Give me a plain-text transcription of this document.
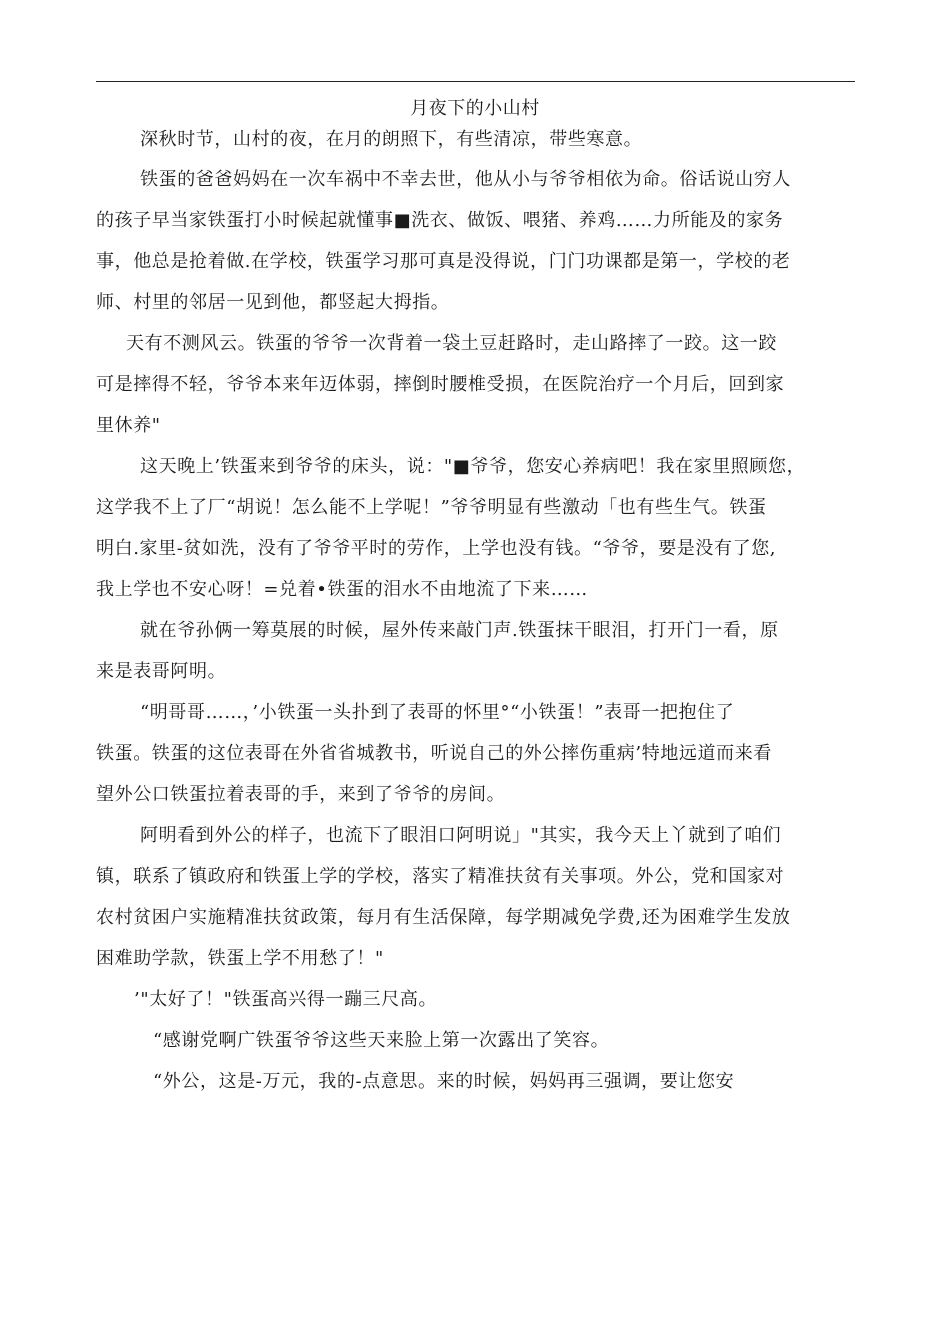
月夜下的小山村
深秋时节，山村的夜，在月的朗照下，有些清凉，带些寒意。
铁蛋的爸爸妈妈在一次车祸中不幸去世，他从小与爷爷相依为命。俗话说山穷人
的孩子早当家铁蛋打小时候起就懂事■洗衣、做饭、喂猪、养鸡……力所能及的家务
事，他总是抢着做.在学校，铁蛋学习那可真是没得说，门门功课都是第一，学校的老
师、村里的邻居一见到他，都竖起大拇指。
天有不测风云。铁蛋的爷爷一次背着一袋土豆赶路时，走山路摔了一跤。这一跤
可是摔得不轻，爷爷本来年迈体弱，摔倒时腰椎受损，在医院治疗一个月后，回到家
里休养"
这天晚上’铁蛋来到爷爷的床头，说："■爷爷，您安心养病吧！我在家里照顾您，
这学我不上了厂“胡说！怎么能不上学呢！”爷爷明显有些激动「也有些生气。铁蛋
明白.家里-贫如洗，没有了爷爷平时的劳作，上学也没有钱。“爷爷，要是没有了您,
我上学也不安心呀！=兑着•铁蛋的泪水不由地流了下来……
就在爷孙俩一筹莫展的时候，屋外传来敲门声.铁蛋抹干眼泪，打开门一看，原
来是表哥阿明。
“明哥哥……，’小铁蛋一头扑到了表哥的怀里°“小铁蛋！”表哥一把抱住了
铁蛋。铁蛋的这位表哥在外省省城教书，听说自己的外公摔伤重病’特地远道而来看
望外公口铁蛋拉着表哥的手，来到了爷爷的房间。
阿明看到外公的样子，也流下了眼泪口阿明说」"其实，我今天上丫就到了咱们
镇，联系了镇政府和铁蛋上学的学校，落实了精准扶贫有关事项。外公，党和国家对
农村贫困户实施精准扶贫政策，每月有生活保障，每学期减免学费,还为困难学生发放
困难助学款，铁蛋上学不用愁了！"
’"太好了！"铁蛋高兴得一蹦三尺高。
“感谢党啊广铁蛋爷爷这些天来脸上第一次露出了笑容。
“外公，这是-万元，我的-点意思。来的时候，妈妈再三强调，要让您安
